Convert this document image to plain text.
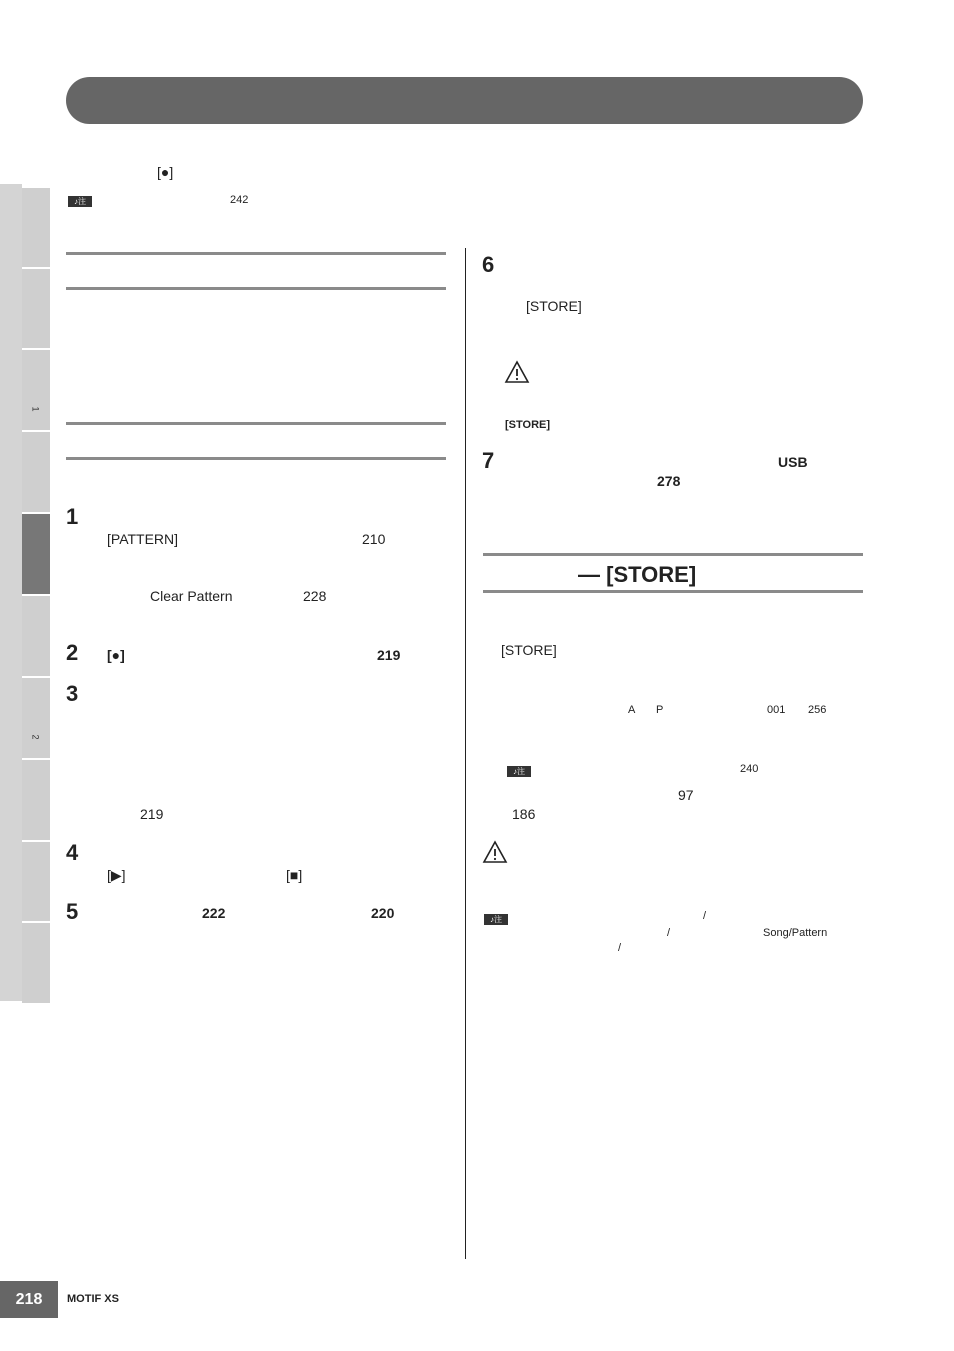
1
2
[●]
♪注	242
1
[PATTERN]	210
Clear Pattern	228
2 [●]	219
3
219
4
[▶]	[■]
5	222	220
6
[STORE]
[STORE]
7	USB
278
— [STORE]
[STORE]
A P	001 256
♪注	240
97
186
♪注	/
/	Song/Pattern
/
218	MOTIF XS
